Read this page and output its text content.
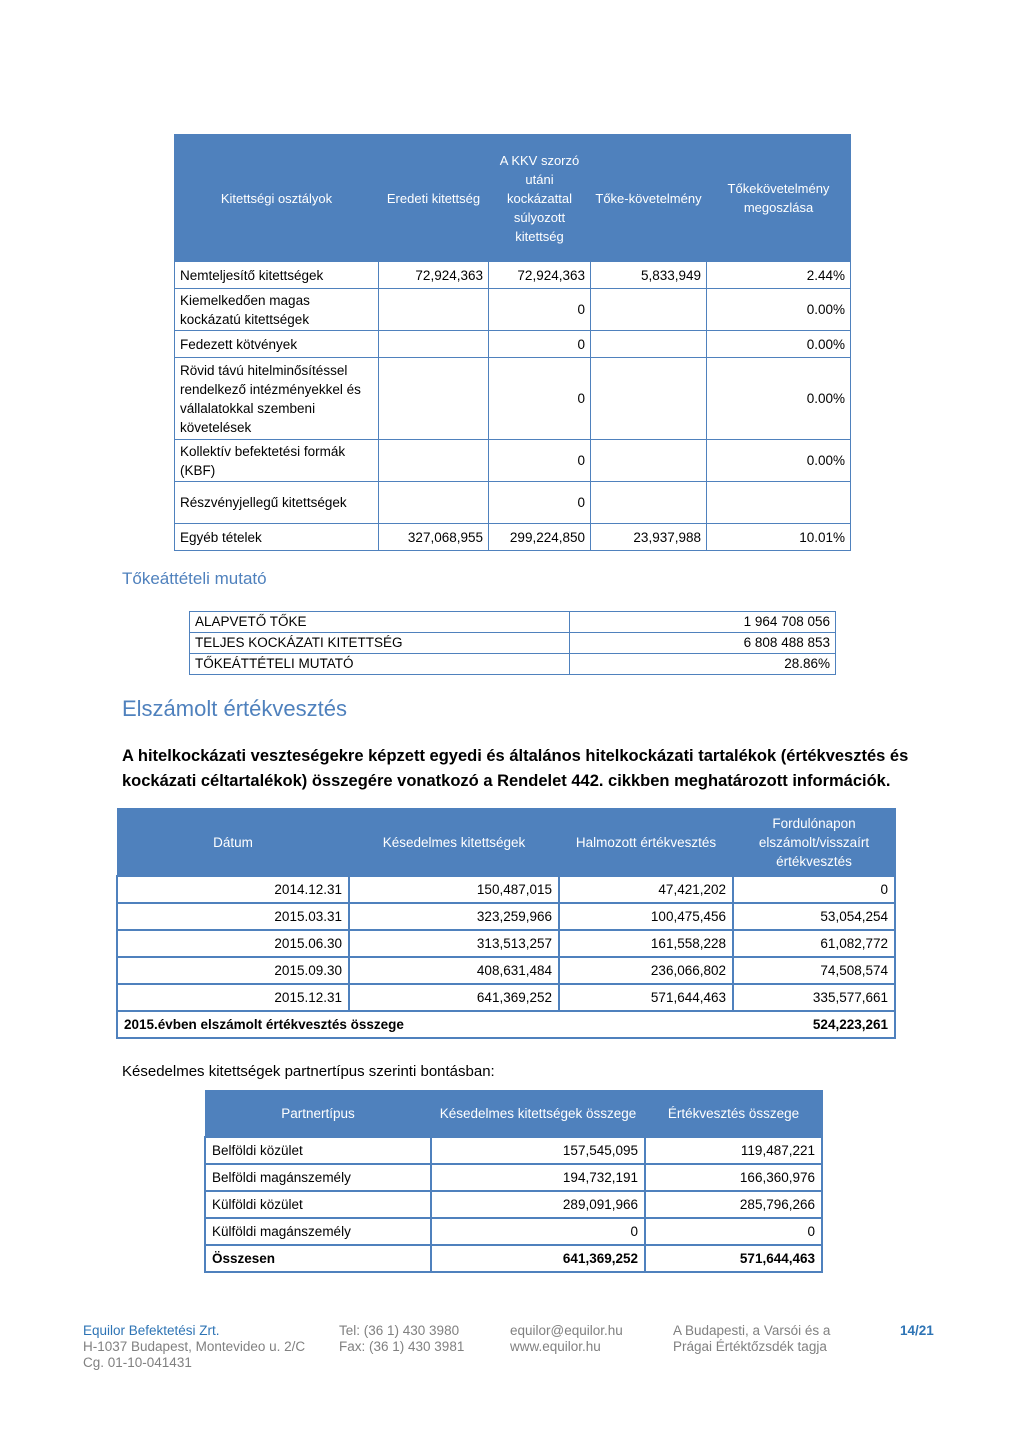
Kitettségi osztályok	Eredeti kitettség	A KKV szorzó utáni kockázattal súlyozott kitettség	Tőke-követelmény	Tőkekövetelmény megoszlása
Nemteljesítő kitettségek	72,924,363	72,924,363	5,833,949	2.44%
Kiemelkedően magas kockázatú kitettségek		0		0.00%
Fedezett kötvények		0		0.00%
Rövid távú hitelminősítéssel rendelkező intézményekkel és vállalatokkal szembeni követelések		0		0.00%
Kollektív befektetési formák (KBF)		0		0.00%
Részvényjellegű kitettségek		0		
Egyéb tételek	327,068,955	299,224,850	23,937,988	10.01%
Tőkeáttételi mutató
ALAPVETŐ TŐKE	1 964 708 056
TELJES KOCKÁZATI KITETTSÉG	6 808 488 853
TŐKEÁTTÉTELI MUTATÓ	28.86%
Elszámolt értékvesztés

A hitelkockázati veszteségekre képzett egyedi és általános hitelkockázati tartalékok (értékvesztés és kockázati céltartalékok) összegére vonatkozó a Rendelet 442. cikkben meghatározott információk.

Dátum	Késedelmes kitettségek	Halmozott értékvesztés	Fordulónapon elszámolt/visszaírt értékvesztés
2014.12.31	150,487,015	47,421,202	0
2015.03.31	323,259,966	100,475,456	53,054,254
2015.06.30	313,513,257	161,558,228	61,082,772
2015.09.30	408,631,484	236,066,802	74,508,574
2015.12.31	641,369,252	571,644,463	335,577,661
2015.évben elszámolt értékvesztés összege			524,223,261

Késedelmes kitettségek partnertípus szerinti bontásban:

Partnertípus	Késedelmes kitettségek összege	Értékvesztés összege
Belföldi közület	157,545,095	119,487,221
Belföldi magánszemély	194,732,191	166,360,976
Külföldi közület	289,091,966	285,796,266
Külföldi magánszemély	0	0
Összesen	641,369,252	571,644,463
Equilor Befektetési Zrt.
H-1037 Budapest, Montevideo u. 2/C
Cg. 01-10-041431
Tel: (36 1) 430 3980
Fax: (36 1) 430 3981
equilor@equilor.hu
www.equilor.hu
A Budapesti, a Varsói és a
Prágai Értéktőzsdék tagja
14/21
